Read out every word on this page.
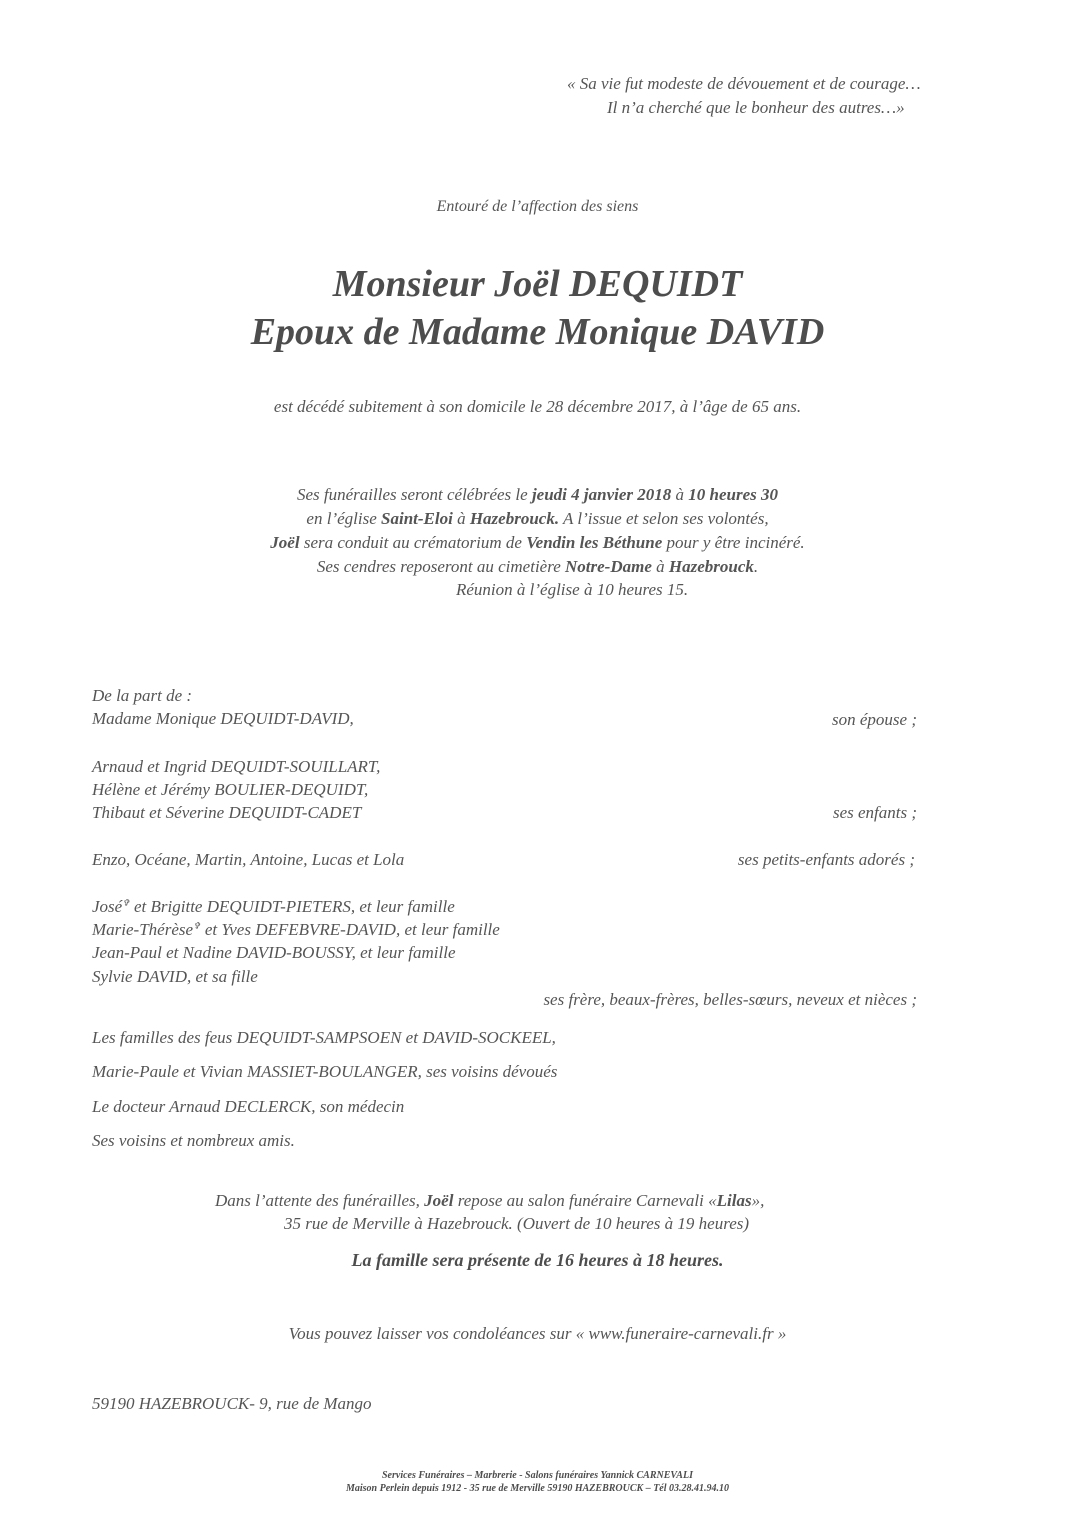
« Sa vie fut modeste de dévouement et de courage…
Il n’a cherché que le bonheur des autres…»
Entouré de l’affection des siens
Monsieur Joël DEQUIDT
Epoux de Madame Monique DAVID
est décédé subitement à son domicile le 28 décembre 2017, à l’âge de 65 ans.
Ses funérailles seront célébrées le jeudi 4 janvier 2018 à 10 heures 30
en l’église Saint-Eloi à Hazebrouck. A l’issue et selon ses volontés,
Joël sera conduit au crématorium de Vendin les Béthune pour y être incinéré.
Ses cendres reposeront au cimetière Notre-Dame à Hazebrouck.
Réunion à l’église à 10 heures 15.
De la part de :
Madame Monique DEQUIDT-DAVID,	son épouse ;
Arnaud et Ingrid DEQUIDT-SOUILLART,
Hélène et Jérémy BOULIER-DEQUIDT,
Thibaut et Séverine DEQUIDT-CADET	ses enfants ;
Enzo, Océane, Martin, Antoine, Lucas et Lola	ses petits-enfants adorés ;
José✞ et Brigitte DEQUIDT-PIETERS, et leur famille
Marie-Thérèse✞ et Yves DEFEBVRE-DAVID, et leur famille
Jean-Paul et Nadine DAVID-BOUSSY, et leur famille
Sylvie DAVID, et sa fille
ses frère, beaux-frères, belles-sœurs, neveux et nièces ;
Les familles des feus DEQUIDT-SAMPSOEN et DAVID-SOCKEEL,
Marie-Paule et Vivian MASSIET-BOULANGER, ses voisins dévoués
Le docteur Arnaud DECLERCK, son médecin
Ses voisins et nombreux amis.
Dans l’attente des funérailles, Joël repose au salon funéraire Carnevali «Lilas»,
35 rue de Merville à Hazebrouck. (Ouvert de 10 heures à 19 heures)
La famille sera présente de 16 heures à 18 heures.
Vous pouvez laisser vos condoléances sur « www.funeraire-carnevali.fr »
59190 HAZEBROUCK- 9, rue de Mango
Services Funéraires – Marbrerie - Salons funéraires Yannick CARNEVALI
Maison Perlein depuis 1912 - 35 rue de Merville 59190 HAZEBROUCK – Tél 03.28.41.94.10
